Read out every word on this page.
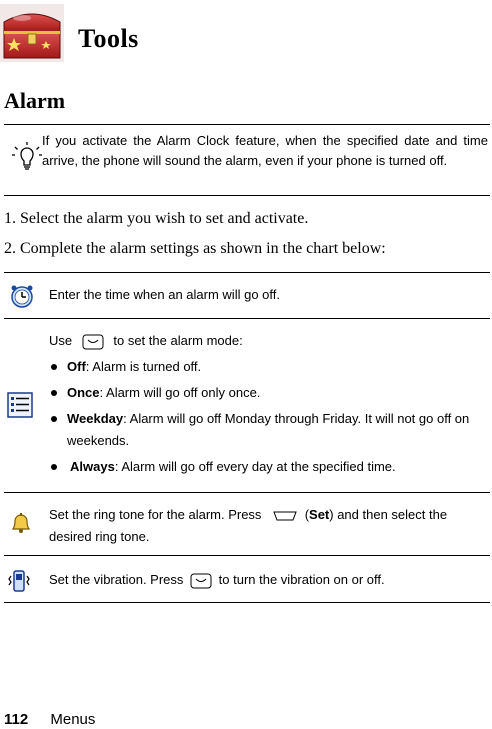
Tools
Alarm
If you activate the Alarm Clock feature, when the specified date and time arrive, the phone will sound the alarm, even if your phone is turned off.
1. Select the alarm you wish to set and activate.
2. Complete the alarm settings as shown in the chart below:
Enter the time when an alarm will go off.
Use	to set the alarm mode:
Off: Alarm is turned off.
Once: Alarm will go off only once.
Weekday: Alarm will go off Monday through Friday. It will not go off on weekends.
Always: Alarm will go off every day at the specified time.
Set the ring tone for the alarm. Press	(Set) and then select the desired ring tone.
Set the vibration. Press	to turn the vibration on or off.
112 Menus
